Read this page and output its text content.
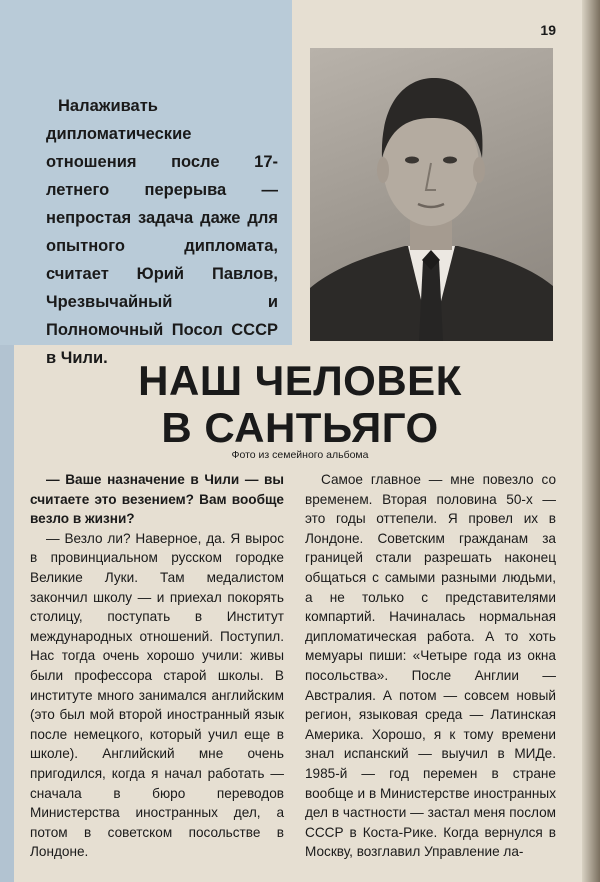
19

Налаживать дипломатические отношения после 17-летнего перерыва — непростая задача даже для опытного дипломата, считает Юрий Павлов, Чрезвычайный и Полномочный Посол СССР в Чили. НАШ ЧЕЛОВЕК
В САНТЬЯГО
Фото из семейного альбома

— Ваше назначение в Чили — вы считаете это везением? Вам вообще везло в жизни?

— Везло ли? Наверное, да. Я вырос в провинциальном русском городке Великие Луки. Там медалистом закончил школу — и приехал покорять столицу, поступать в Институт международных отношений. Поступил. Нас тогда очень хорошо учили: живы были профессора старой школы. В институте много занимался английским (это был мой второй иностранный язык после немецкого, который учил еще в школе). Английский мне очень пригодился, когда я начал работать — сначала в бюро переводов Министерства иностранных дел, а потом в советском посольстве в Лондоне.

Самое главное — мне повезло со временем. Вторая половина 50-х — это годы оттепели. Я провел их в Лондоне. Советским гражданам за границей стали разрешать наконец общаться с самыми разными людьми, а не только с представителями компартий. Начиналась нормальная дипломатическая работа. А то хоть мемуары пиши: «Четыре года из окна посольства». После Англии — Австралия. А потом — совсем новый регион, языковая среда — Латинская Америка. Хорошо, я к тому времени знал испанский — выучил в МИДе. 1985-й — год перемен в стране вообще и в Министерстве иностранных дел в частности — застал меня послом СССР в Коста-Рике. Когда вернулся в Москву, возглавил Управление ла-
